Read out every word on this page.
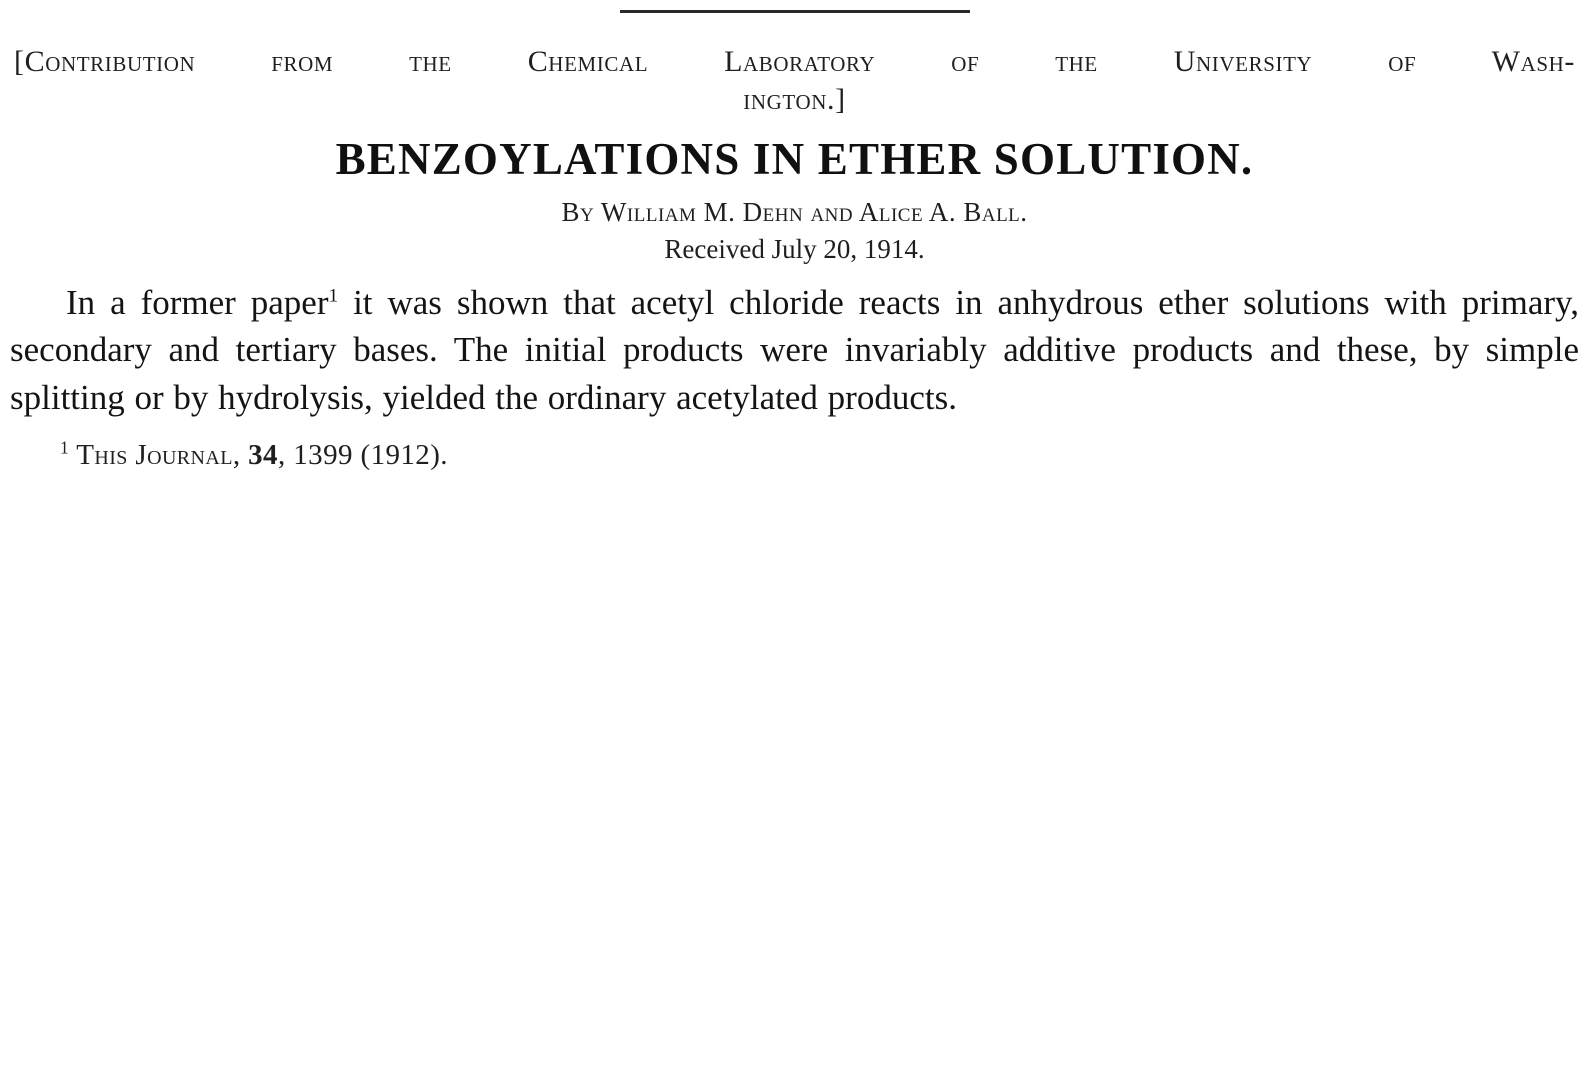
[Contribution from the Chemical Laboratory of the University of Wash-
ington.]
BENZOYLATIONS IN ETHER SOLUTION.
By William M. Dehn and Alice A. Ball.
Received July 20, 1914.

In a former paper$^1$ it was shown that acetyl chloride reacts in anhydrous ether solutions with primary, secondary and tertiary bases. The initial products were invariably additive products and these, by simple splitting or by hydrolysis, yielded the ordinary acetylated products.

$^1$ This Journal, 34, 1399 (1912).
